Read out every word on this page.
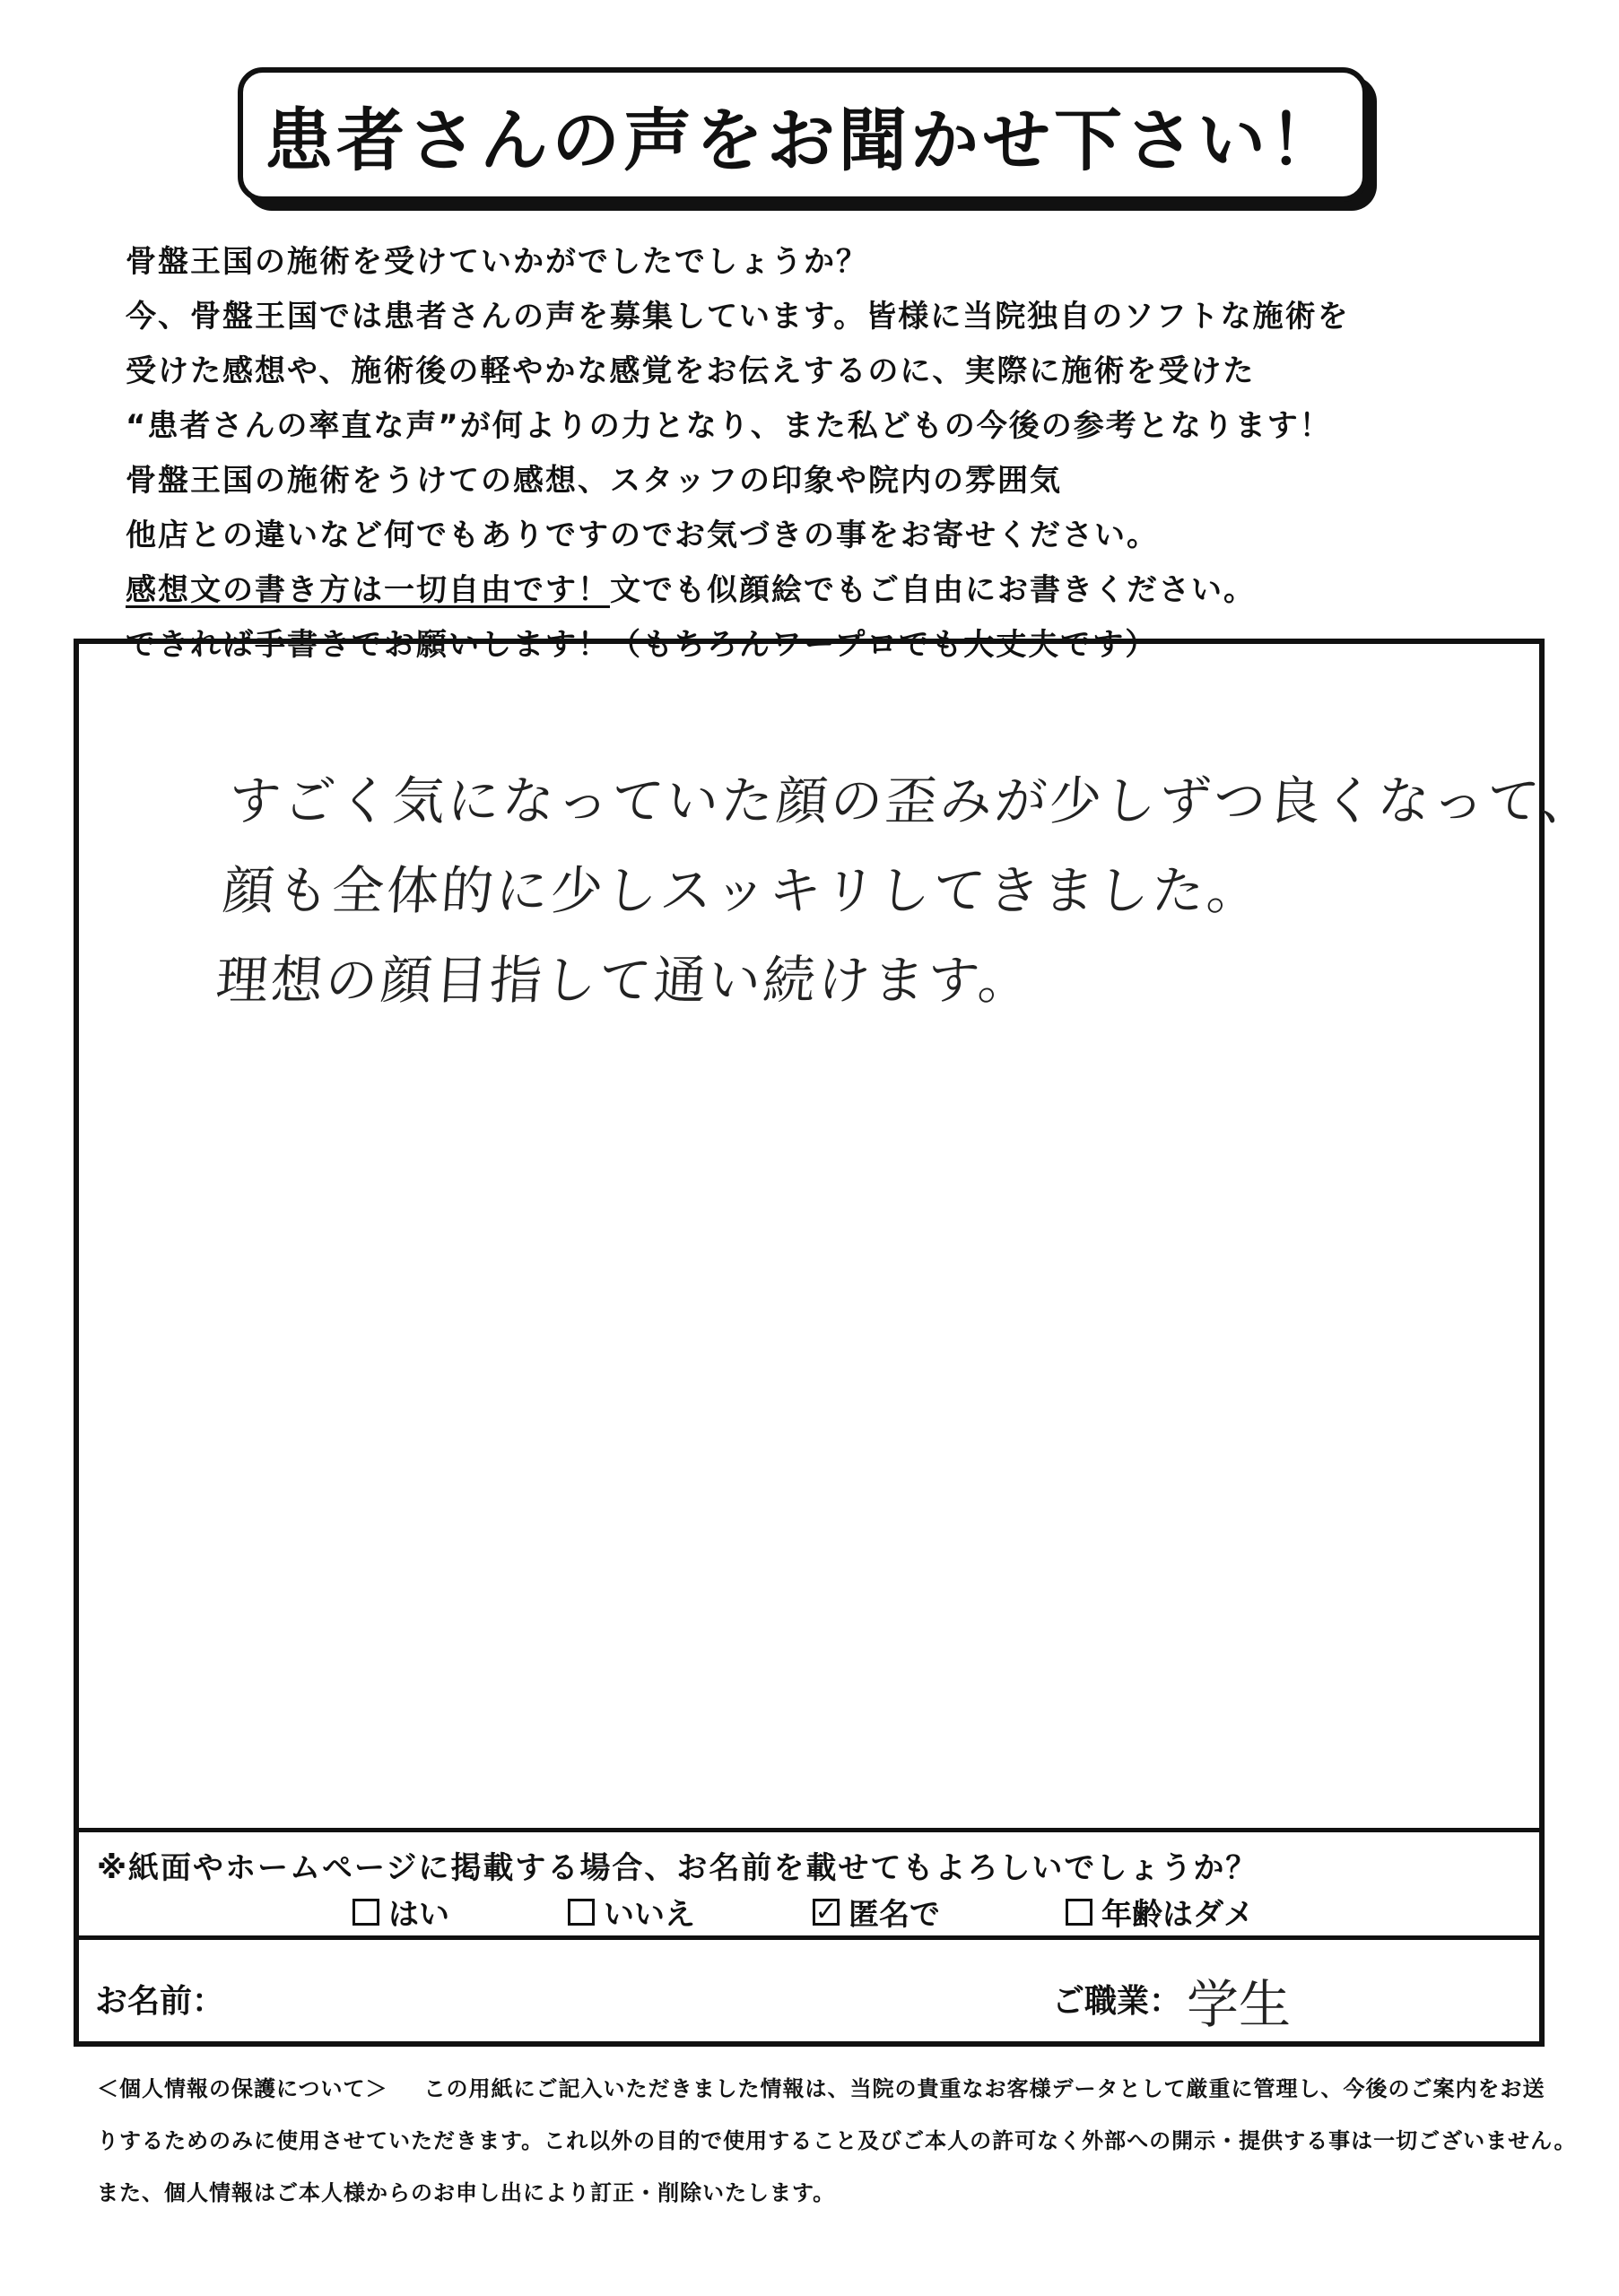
患者さんの声をお聞かせ下さい！
骨盤王国の施術を受けていかがでしたでしょうか？
今、骨盤王国では患者さんの声を募集しています。皆様に当院独自のソフトな施術を
受けた感想や、施術後の軽やかな感覚をお伝えするのに、実際に施術を受けた
“患者さんの率直な声”が何よりの力となり、また私どもの今後の参考となります！
骨盤王国の施術をうけての感想、スタッフの印象や院内の雰囲気
他店との違いなど何でもありですのでお気づきの事をお寄せください。
感想文の書き方は一切自由です！文でも似顔絵でもご自由にお書きください。
できれば手書きでお願いします！（もちろんワープロでも大丈夫です）
すごく気になっていた顔の歪みが少しずつ良くなって、
顔も全体的に少しスッキリしてきました。
理想の顔目指して通い続けます。
※紙面やホームページに掲載する場合、お名前を載せてもよろしいでしょうか？
はい	いいえ	✓ 匿名で	年齢はダメ
お名前：	ご職業： 学生
＜個人情報の保護について＞ この用紙にご記入いただきました情報は、当院の貴重なお客様データとして厳重に管理し、今後のご案内をお送
りするためのみに使用させていただきます。これ以外の目的で使用すること及びご本人の許可なく外部への開示・提供する事は一切ございません。
また、個人情報はご本人様からのお申し出により訂正・削除いたします。
